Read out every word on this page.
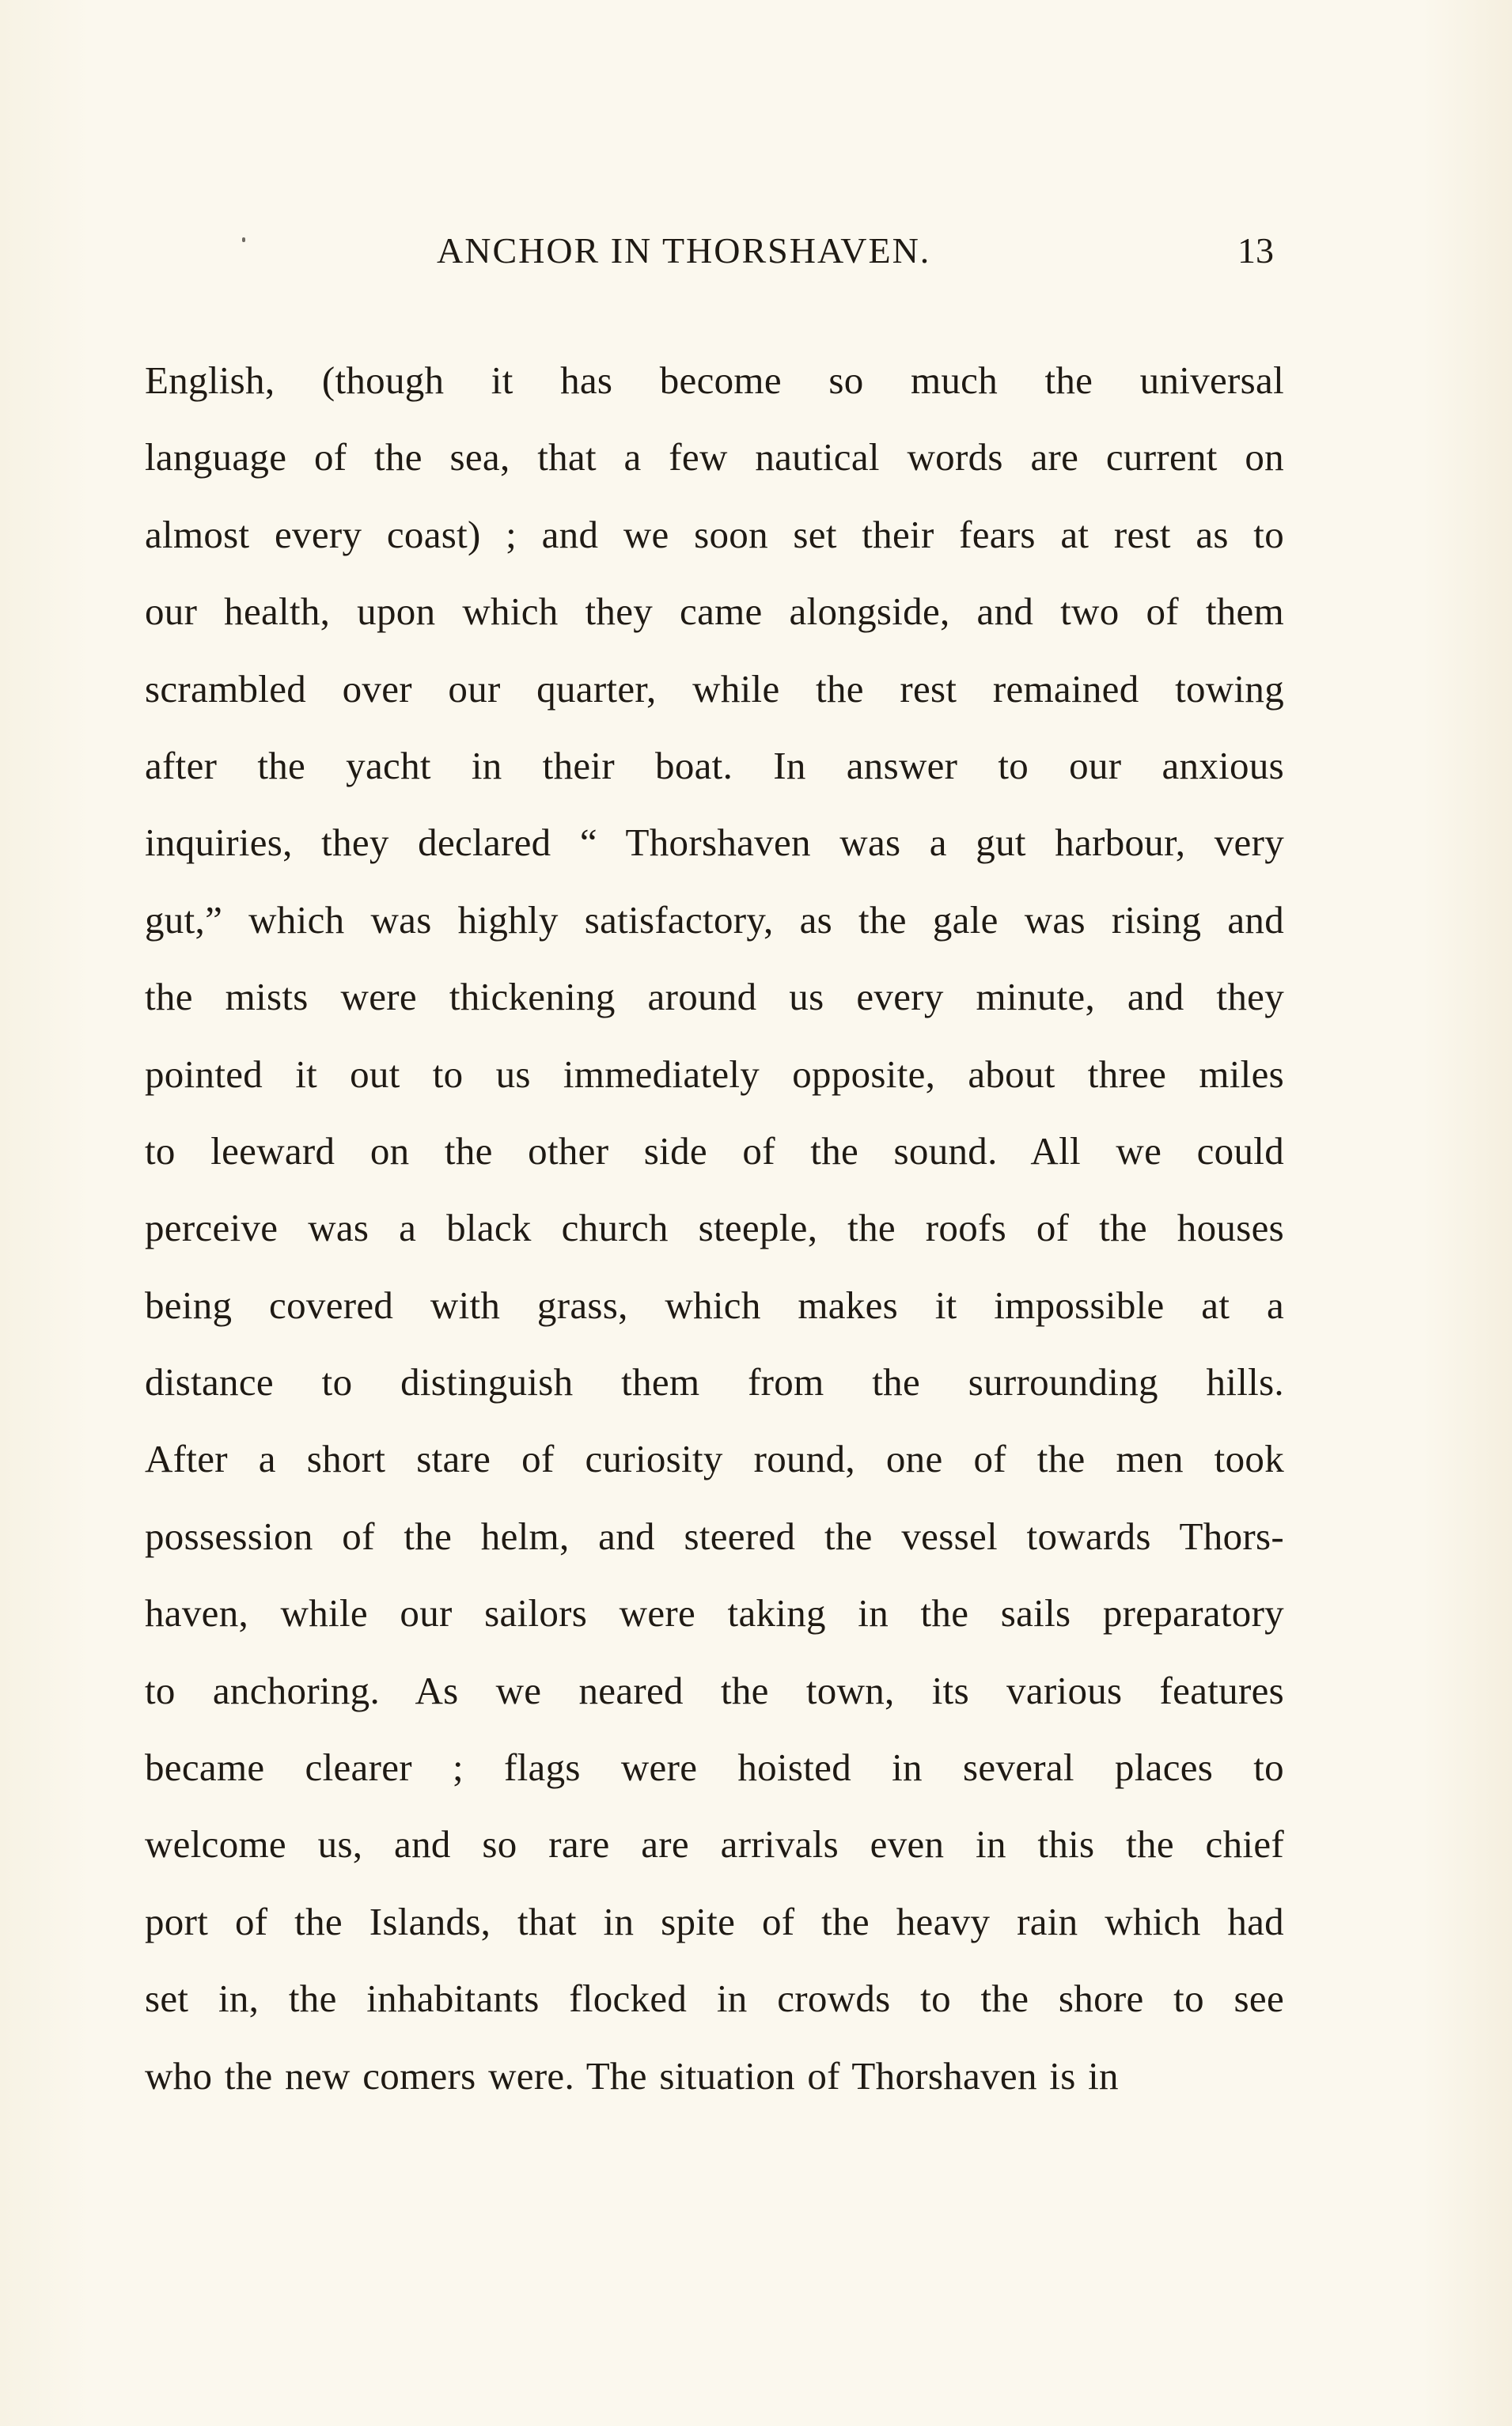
ANCHOR IN THORSHAVEN.	13
English, (though it has become so much the universal
language of the sea, that a few nautical words are current on
almost every coast) ; and we soon set their fears at rest as to
our health, upon which they came alongside, and two of them
scrambled over our quarter, while the rest remained towing
after the yacht in their boat. In answer to our anxious
inquiries, they declared “ Thorshaven was a gut harbour, very
gut,” which was highly satisfactory, as the gale was rising and
the mists were thickening around us every minute, and they
pointed it out to us immediately opposite, about three miles
to leeward on the other side of the sound. All we could
perceive was a black church steeple, the roofs of the houses
being covered with grass, which makes it impossible at a
distance to distinguish them from the surrounding hills.
After a short stare of curiosity round, one of the men took
possession of the helm, and steered the vessel towards Thors-
haven, while our sailors were taking in the sails preparatory
to anchoring. As we neared the town, its various features
became clearer ; flags were hoisted in several places to
welcome us, and so rare are arrivals even in this the chief
port of the Islands, that in spite of the heavy rain which had
set in, the inhabitants flocked in crowds to the shore to see
who the new comers were. The situation of Thorshaven is in
